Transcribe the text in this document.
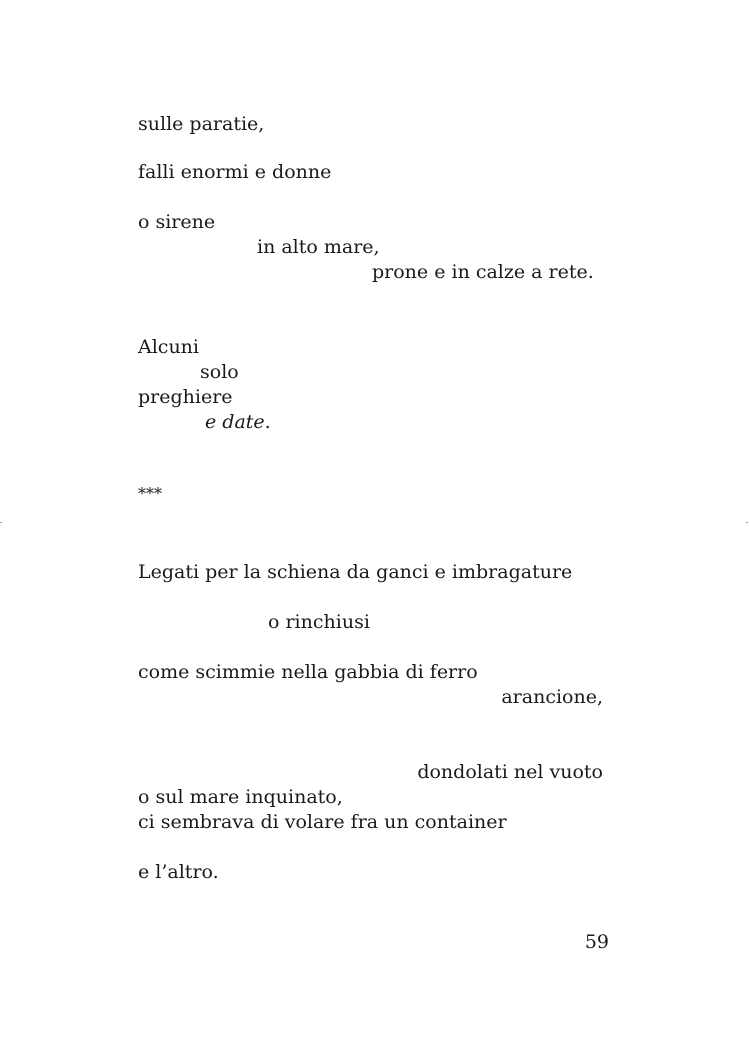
sulle paratie,
falli enormi e donne
o sirene
in alto mare,
prone e in calze a rete.
Alcuni
solo
preghiere
e date.
***
Legati per la schiena da ganci e imbragature
o rinchiusi
come scimmie nella gabbia di ferro
arancione,
dondolati nel vuoto
o sul mare inquinato,
ci sembrava di volare fra un container
e l’altro.
59
